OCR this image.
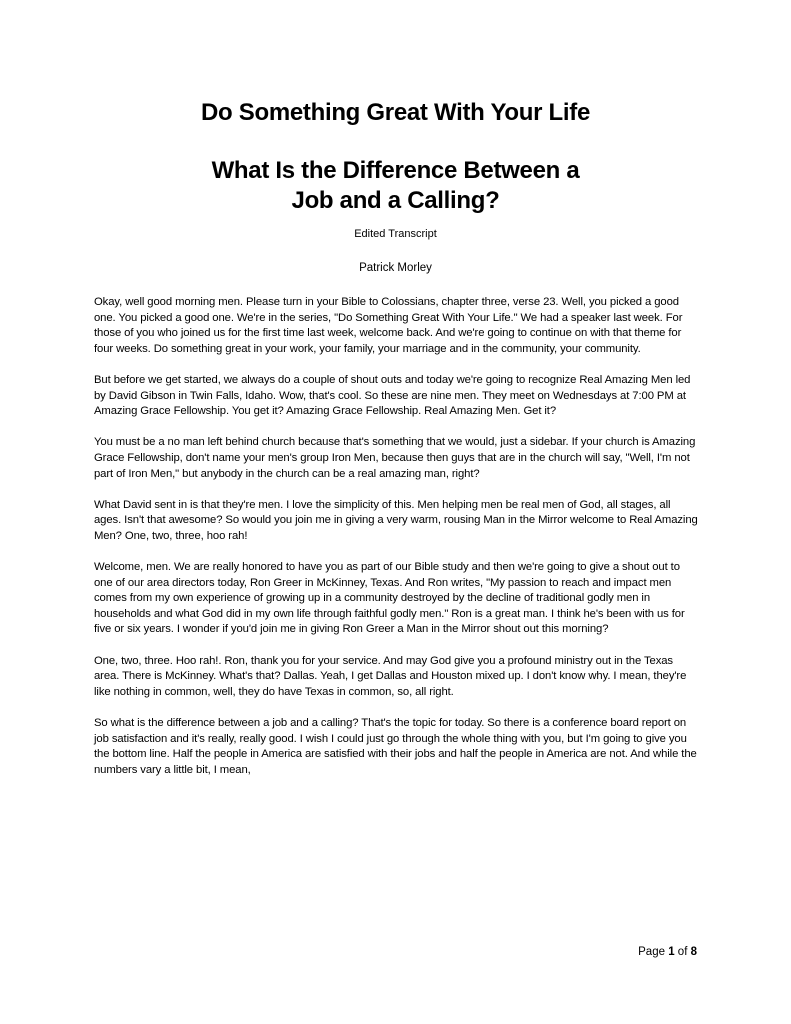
Do Something Great With Your Life
What Is the Difference Between a
Job and a Calling?
Edited Transcript
Patrick Morley

Okay, well good morning men. Please turn in your Bible to Colossians, chapter three, verse 23. Well, you picked a good one. You picked a good one. We're in the series, "Do Something Great With Your Life." We had a speaker last week. For those of you who joined us for the first time last week, welcome back. And we're going to continue on with that theme for four weeks. Do something great in your work, your family, your marriage and in the community, your community.

But before we get started, we always do a couple of shout outs and today we're going to recognize Real Amazing Men led by David Gibson in Twin Falls, Idaho. Wow, that's cool. So these are nine men. They meet on Wednesdays at 7:00 PM at Amazing Grace Fellowship. You get it? Amazing Grace Fellowship. Real Amazing Men. Get it?

You must be a no man left behind church because that's something that we would, just a sidebar. If your church is Amazing Grace Fellowship, don't name your men's group Iron Men, because then guys that are in the church will say, "Well, I'm not part of Iron Men," but anybody in the church can be a real amazing man, right?

What David sent in is that they're men. I love the simplicity of this. Men helping men be real men of God, all stages, all ages. Isn't that awesome? So would you join me in giving a very warm, rousing Man in the Mirror welcome to Real Amazing Men? One, two, three, hoo rah!

Welcome, men. We are really honored to have you as part of our Bible study and then we're going to give a shout out to one of our area directors today, Ron Greer in McKinney, Texas. And Ron writes, "My passion to reach and impact men comes from my own experience of growing up in a community destroyed by the decline of traditional godly men in households and what God did in my own life through faithful godly men." Ron is a great man. I think he's been with us for five or six years. I wonder if you'd join me in giving Ron Greer a Man in the Mirror shout out this morning?

One, two, three. Hoo rah!. Ron, thank you for your service. And may God give you a profound ministry out in the Texas area. There is McKinney. What's that? Dallas. Yeah, I get Dallas and Houston mixed up. I don't know why. I mean, they're like nothing in common, well, they do have Texas in common, so, all right.

So what is the difference between a job and a calling? That's the topic for today. So there is a conference board report on job satisfaction and it's really, really good. I wish I could just go through the whole thing with you, but I'm going to give you the bottom line. Half the people in America are satisfied with their jobs and half the people in America are not. And while the numbers vary a little bit, I mean,

Page 1 of 8
